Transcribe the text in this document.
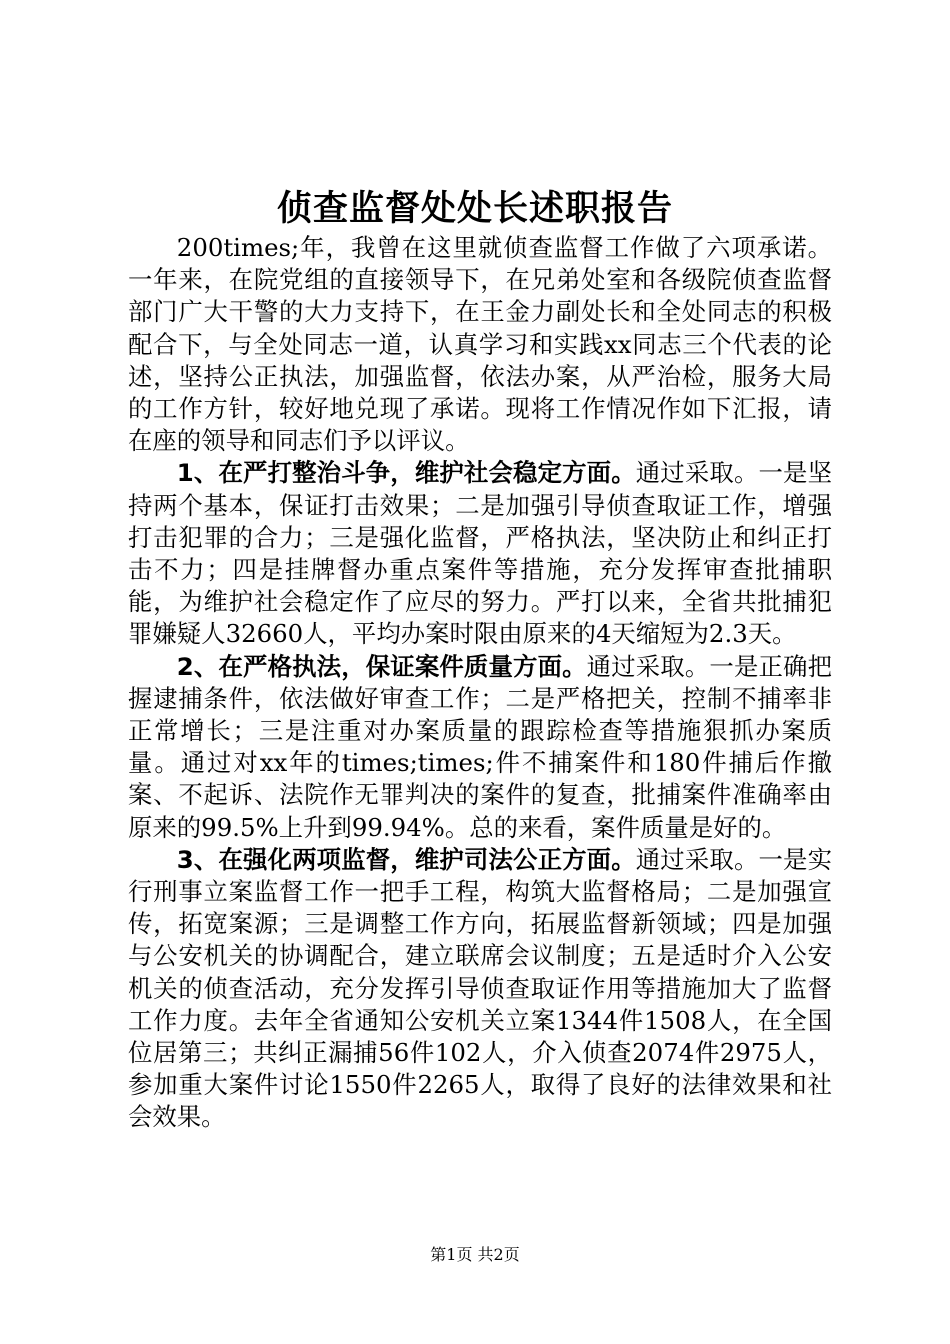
侦查监督处处长述职报告

200times;年，我曾在这里就侦查监督工作做了六项承诺。一年来，在院党组的直接领导下，在兄弟处室和各级院侦查监督部门广大干警的大力支持下，在王金力副处长和全处同志的积极配合下，与全处同志一道，认真学习和实践xx同志三个代表的论述，坚持公正执法，加强监督，依法办案，从严治检，服务大局的工作方针，较好地兑现了承诺。现将工作情况作如下汇报，请在座的领导和同志们予以评议。

1、在严打整治斗争，维护社会稳定方面。通过采取。一是坚持两个基本，保证打击效果；二是加强引导侦查取证工作，增强打击犯罪的合力；三是强化监督，严格执法，坚决防止和纠正打击不力；四是挂牌督办重点案件等措施，充分发挥审查批捕职能，为维护社会稳定作了应尽的努力。严打以来，全省共批捕犯罪嫌疑人32660人，平均办案时限由原来的4天缩短为2.3天。

2、在严格执法，保证案件质量方面。通过采取。一是正确把握逮捕条件，依法做好审查工作；二是严格把关，控制不捕率非正常增长；三是注重对办案质量的跟踪检查等措施狠抓办案质量。通过对xx年的times;times;件不捕案件和180件捕后作撤案、不起诉、法院作无罪判决的案件的复查，批捕案件准确率由原来的99.5%上升到99.94%。总的来看，案件质量是好的。

3、在强化两项监督，维护司法公正方面。通过采取。一是实行刑事立案监督工作一把手工程，构筑大监督格局；二是加强宣传，拓宽案源；三是调整工作方向，拓展监督新领域；四是加强与公安机关的协调配合，建立联席会议制度；五是适时介入公安机关的侦查活动，充分发挥引导侦查取证作用等措施加大了监督工作力度。去年全省通知公安机关立案1344件1508人，在全国位居第三；共纠正漏捕56件102人，介入侦查2074件2975人，参加重大案件讨论1550件2265人，取得了良好的法律效果和社会效果。

第1页 共2页
